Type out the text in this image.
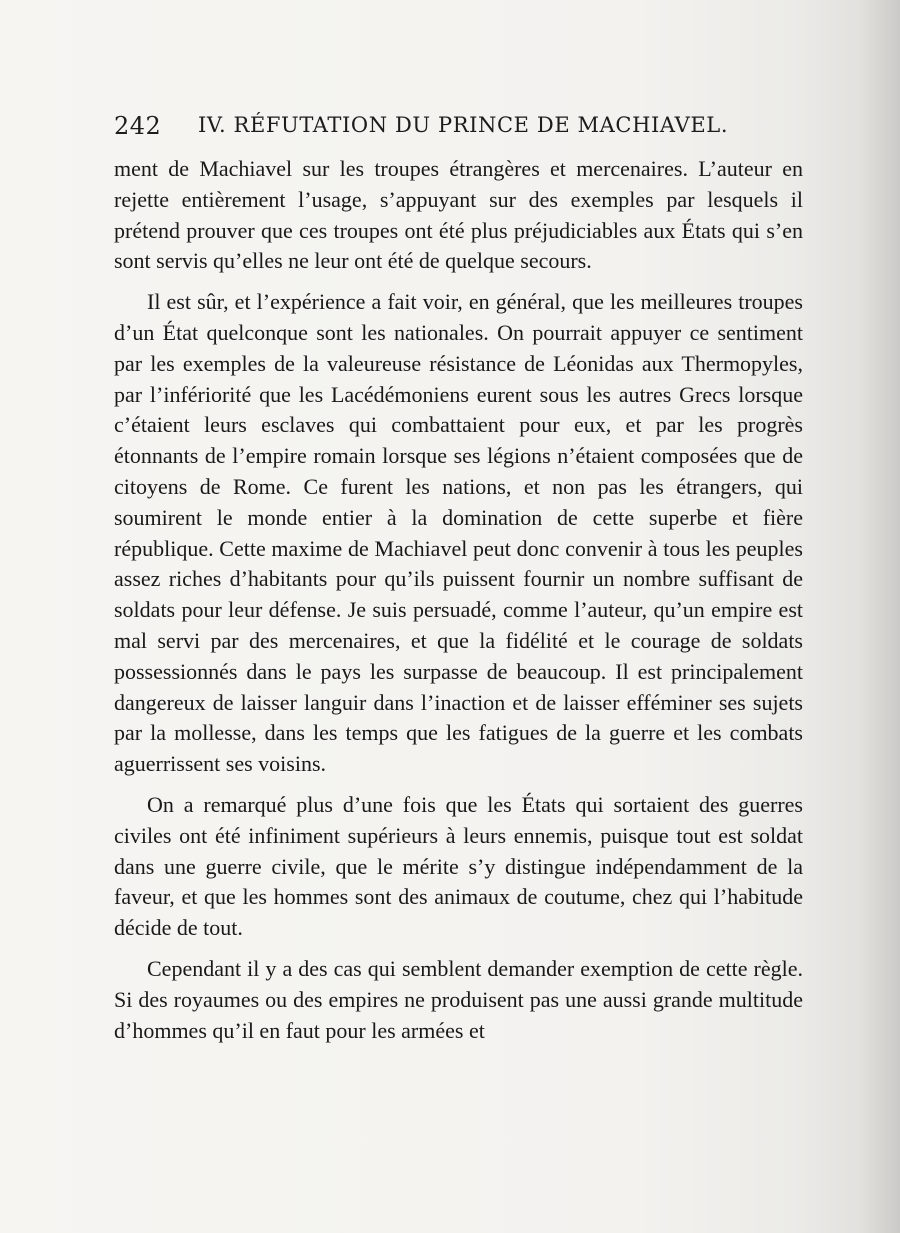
242 IV. RÉFUTATION DU PRINCE DE MACHIAVEL.

ment de Machiavel sur les troupes étrangères et mercenaires. L’auteur en rejette entièrement l’usage, s’appuyant sur des exemples par lesquels il prétend prouver que ces troupes ont été plus préjudiciables aux États qui s’en sont servis qu’elles ne leur ont été de quelque secours.

Il est sûr, et l’expérience a fait voir, en général, que les meilleures troupes d’un État quelconque sont les nationales. On pourrait appuyer ce sentiment par les exemples de la valeureuse résistance de Léonidas aux Thermopyles, par l’infériorité que les Lacédémoniens eurent sous les autres Grecs lorsque c’étaient leurs esclaves qui combattaient pour eux, et par les progrès étonnants de l’empire romain lorsque ses légions n’étaient composées que de citoyens de Rome. Ce furent les nations, et non pas les étrangers, qui soumirent le monde entier à la domination de cette superbe et fière république. Cette maxime de Machiavel peut donc convenir à tous les peuples assez riches d’habitants pour qu’ils puissent fournir un nombre suffisant de soldats pour leur défense. Je suis persuadé, comme l’auteur, qu’un empire est mal servi par des mercenaires, et que la fidélité et le courage de soldats possessionnés dans le pays les surpasse de beaucoup. Il est principalement dangereux de laisser languir dans l’inaction et de laisser efféminer ses sujets par la mollesse, dans les temps que les fatigues de la guerre et les combats aguerrissent ses voisins.

On a remarqué plus d’une fois que les États qui sortaient des guerres civiles ont été infiniment supérieurs à leurs ennemis, puisque tout est soldat dans une guerre civile, que le mérite s’y distingue indépendamment de la faveur, et que les hommes sont des animaux de coutume, chez qui l’habitude décide de tout.

Cependant il y a des cas qui semblent demander exemption de cette règle. Si des royaumes ou des empires ne produisent pas une aussi grande multitude d’hommes qu’il en faut pour les armées et
